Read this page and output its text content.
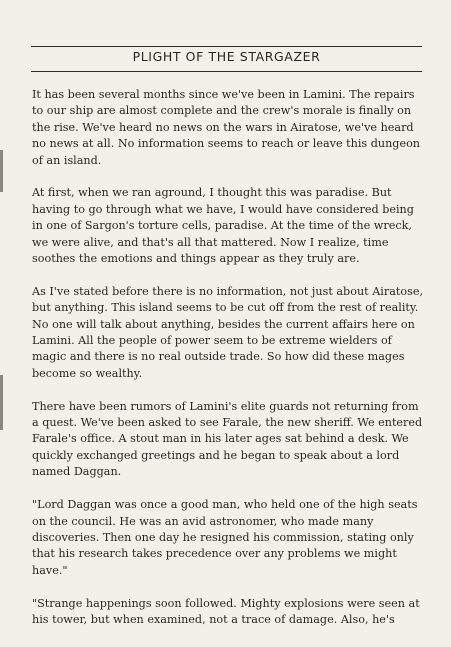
PLIGHT OF THE STARGAZER

It has been several months since we've been in Lamini. The repairs to our ship are almost complete and the crew's morale is finally on the rise. We've heard no news on the wars in Airatose, we've heard no news at all. No information seems to reach or leave this dungeon of an island.

At first, when we ran aground, I thought this was paradise. But having to go through what we have, I would have considered being in one of Sargon's torture cells, paradise. At the time of the wreck, we were alive, and that's all that mattered. Now I realize, time soothes the emotions and things appear as they truly are.

As I've stated before there is no information, not just about Airatose, but anything. This island seems to be cut off from the rest of reality. No one will talk about anything, besides the current affairs here on Lamini. All the people of power seem to be extreme wielders of magic and there is no real outside trade. So how did these mages become so wealthy.

There have been rumors of Lamini's elite guards not returning from a quest. We've been asked to see Farale, the new sheriff. We entered Farale's office. A stout man in his later ages sat behind a desk. We quickly exchanged greetings and he began to speak about a lord named Daggan.

"Lord Daggan was once a good man, who held one of the high seats on the council. He was an avid astronomer, who made many discoveries. Then one day he resigned his commission, stating only that his research takes precedence over any problems we might have."

"Strange happenings soon followed. Mighty explosions were seen at his tower, but when examined, not a trace of damage. Also, he's
